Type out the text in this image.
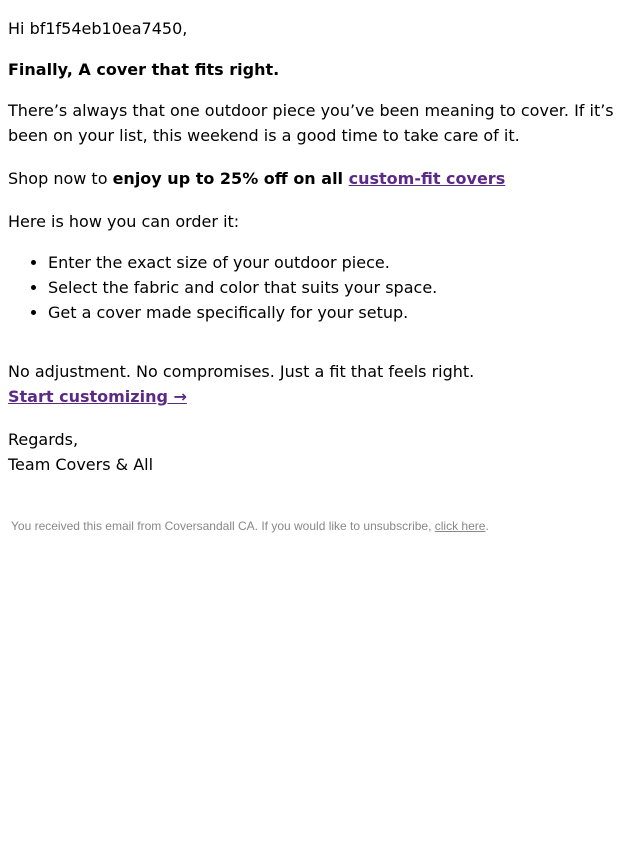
Hi bf1f54eb10ea7450,

Finally, A cover that fits right.

There’s always that one outdoor piece you’ve been meaning to cover. If it’s been on your list, this weekend is a good time to take care of it.

Shop now to enjoy up to 25% off on all custom-fit covers

Here is how you can order it:

• Enter the exact size of your outdoor piece.
• Select the fabric and color that suits your space.
• Get a cover made specifically for your setup.

No adjustment. No compromises. Just a fit that feels right.

Start customizing →

Regards,

Team Covers & All

You received this email from Coversandall CA. If you would like to unsubscribe, click here.
